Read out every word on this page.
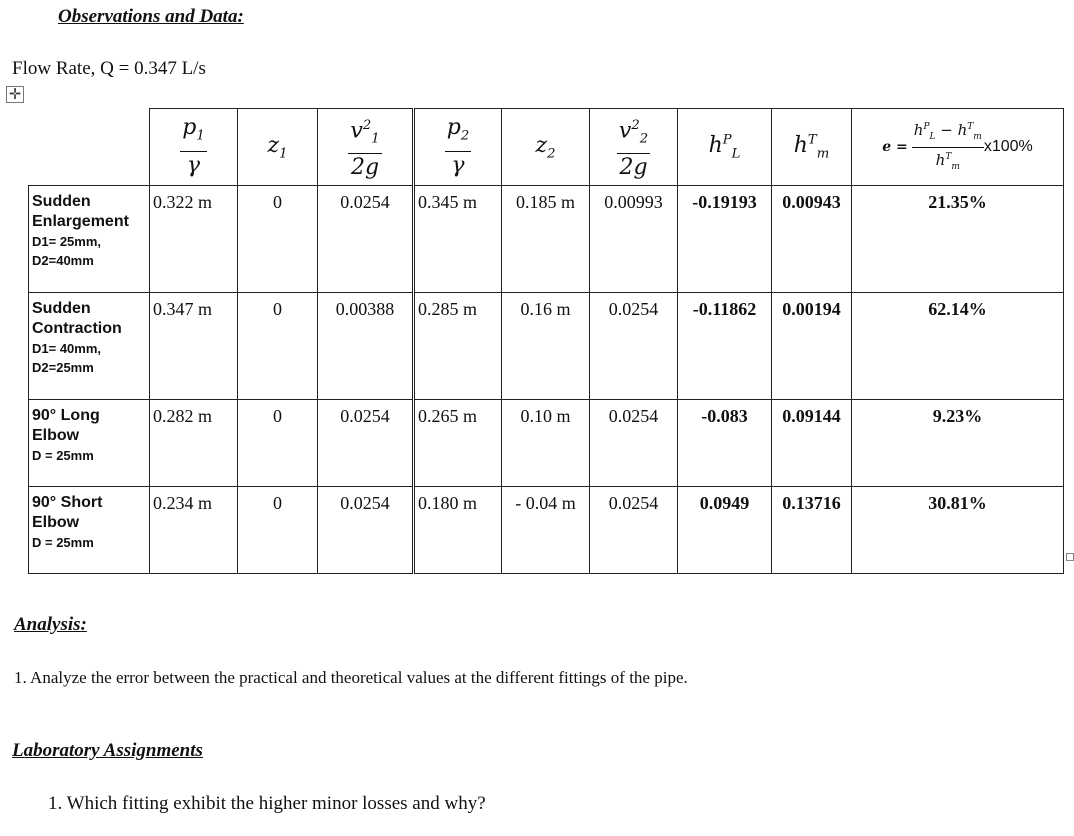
Observations and Data:
Flow Rate, Q = 0.347 L/s
✛

	$\frac{p_1}{\gamma}$	$z_1$	$\frac{v^2_1}{2g}$	$\frac{p_2}{\gamma}$	$z_2$	$\frac{v^2_2}{2g}$	$h^P_L$	$h^T_m$	$e = \frac{h^P_L - h^T_m}{h^T_m} x100\%$

Sudden Enlargement
D1= 25mm,
D2=40mm	0.322 m	0	0.0254	0.345 m	0.185 m	0.00993	-0.19193	0.00943	21.35%

Sudden Contraction
D1= 40mm,
D2=25mm	0.347 m	0	0.00388	0.285 m	0.16 m	0.0254	-0.11862	0.00194	62.14%

90° Long Elbow
D = 25mm	0.282 m	0	0.0254	0.265 m	0.10 m	0.0254	-0.083	0.09144	9.23%

90° Short Elbow
D = 25mm	0.234 m	0	0.0254	0.180 m	- 0.04 m	0.0254	0.0949	0.13716	30.81%
Analysis:
1. Analyze the error between the practical and theoretical values at the different fittings of the pipe.
Laboratory Assignments
1. Which fitting exhibit the higher minor losses and why?
